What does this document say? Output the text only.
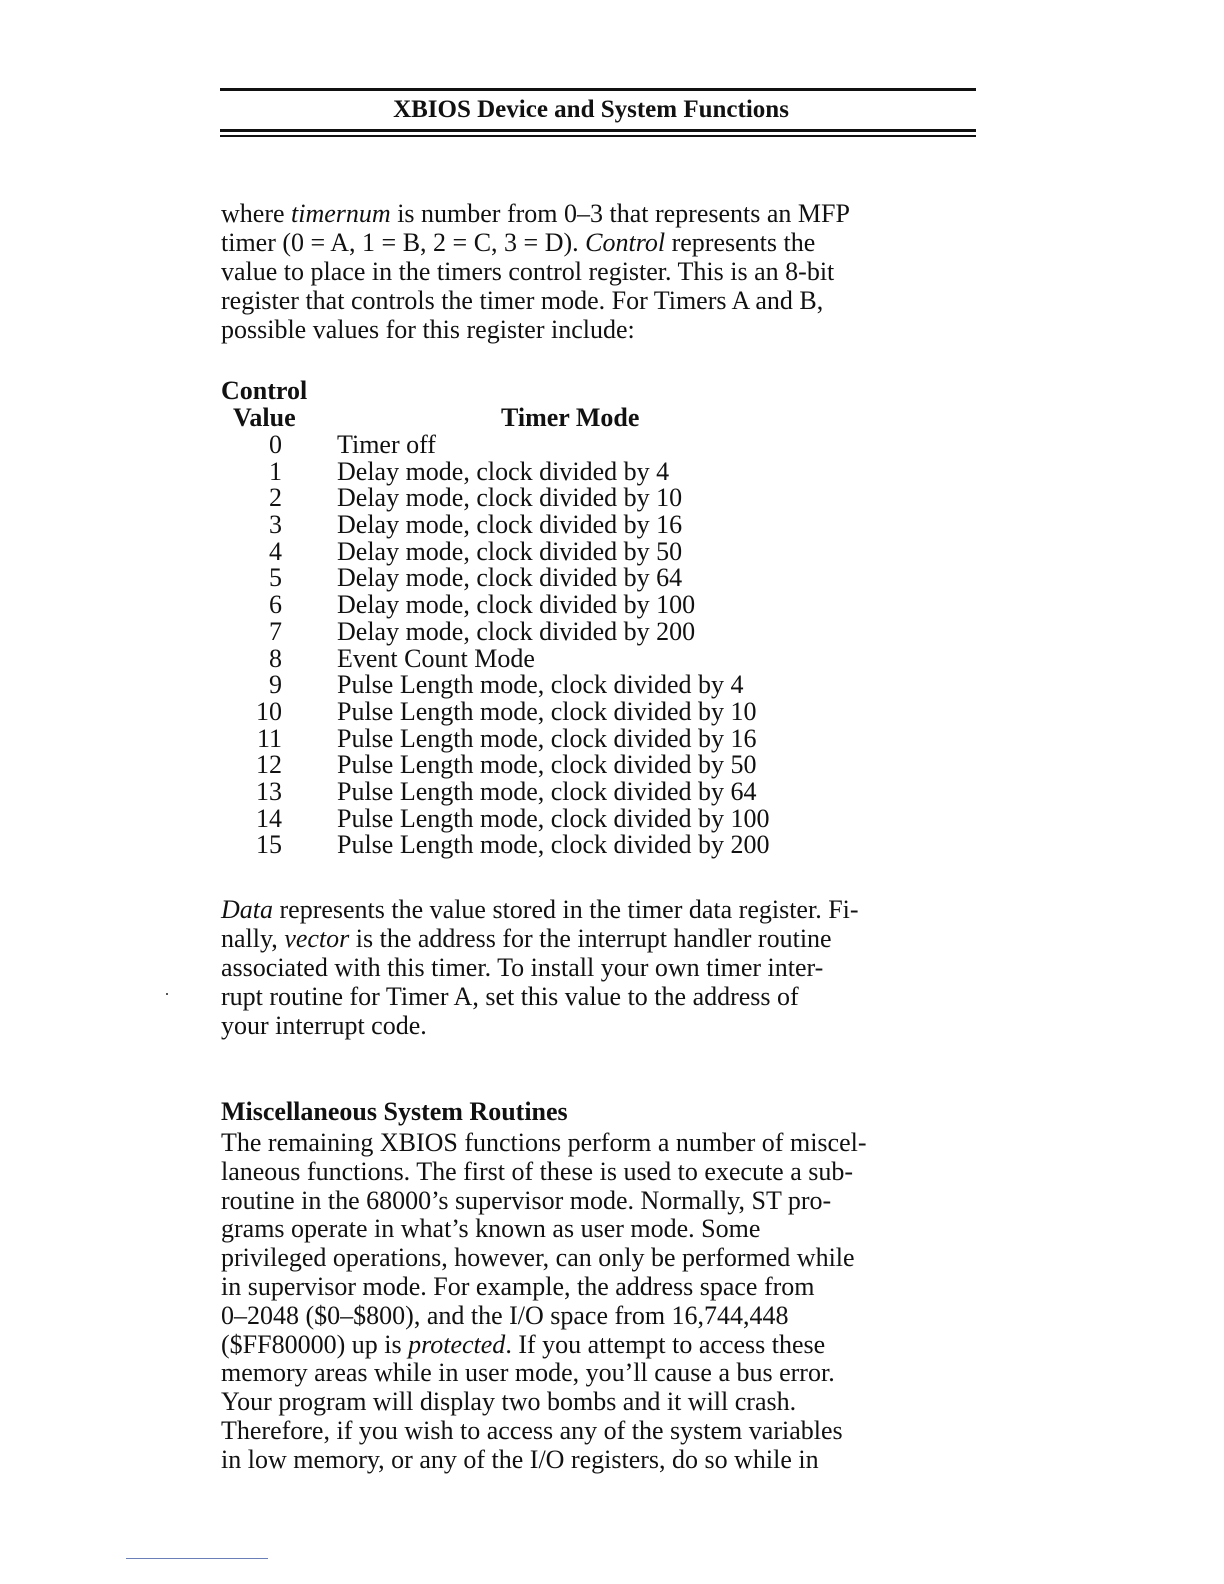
XBIOS Device and System Functions
where timernum is number from 0–3 that represents an MFP
timer (0 = A, 1 = B, 2 = C, 3 = D). Control represents the
value to place in the timers control register. This is an 8-bit
register that controls the timer mode. For Timers A and B,
possible values for this register include:
Control
Value	Timer Mode
0 Timer off
1 Delay mode, clock divided by 4
2 Delay mode, clock divided by 10
3 Delay mode, clock divided by 16
4 Delay mode, clock divided by 50
5 Delay mode, clock divided by 64
6 Delay mode, clock divided by 100
7 Delay mode, clock divided by 200
8 Event Count Mode
9 Pulse Length mode, clock divided by 4
10 Pulse Length mode, clock divided by 10
11 Pulse Length mode, clock divided by 16
12 Pulse Length mode, clock divided by 50
13 Pulse Length mode, clock divided by 64
14 Pulse Length mode, clock divided by 100
15 Pulse Length mode, clock divided by 200
Data represents the value stored in the timer data register. Fi-
nally, vector is the address for the interrupt handler routine
associated with this timer. To install your own timer inter-
rupt routine for Timer A, set this value to the address of
your interrupt code.
Miscellaneous System Routines
The remaining XBIOS functions perform a number of miscel-
laneous functions. The first of these is used to execute a sub-
routine in the 68000’s supervisor mode. Normally, ST pro-
grams operate in what’s known as user mode. Some
privileged operations, however, can only be performed while
in supervisor mode. For example, the address space from
0–2048 ($0–$800), and the I/O space from 16,744,448
($FF80000) up is protected. If you attempt to access these
memory areas while in user mode, you’ll cause a bus error.
Your program will display two bombs and it will crash.
Therefore, if you wish to access any of the system variables
in low memory, or any of the I/O registers, do so while in
